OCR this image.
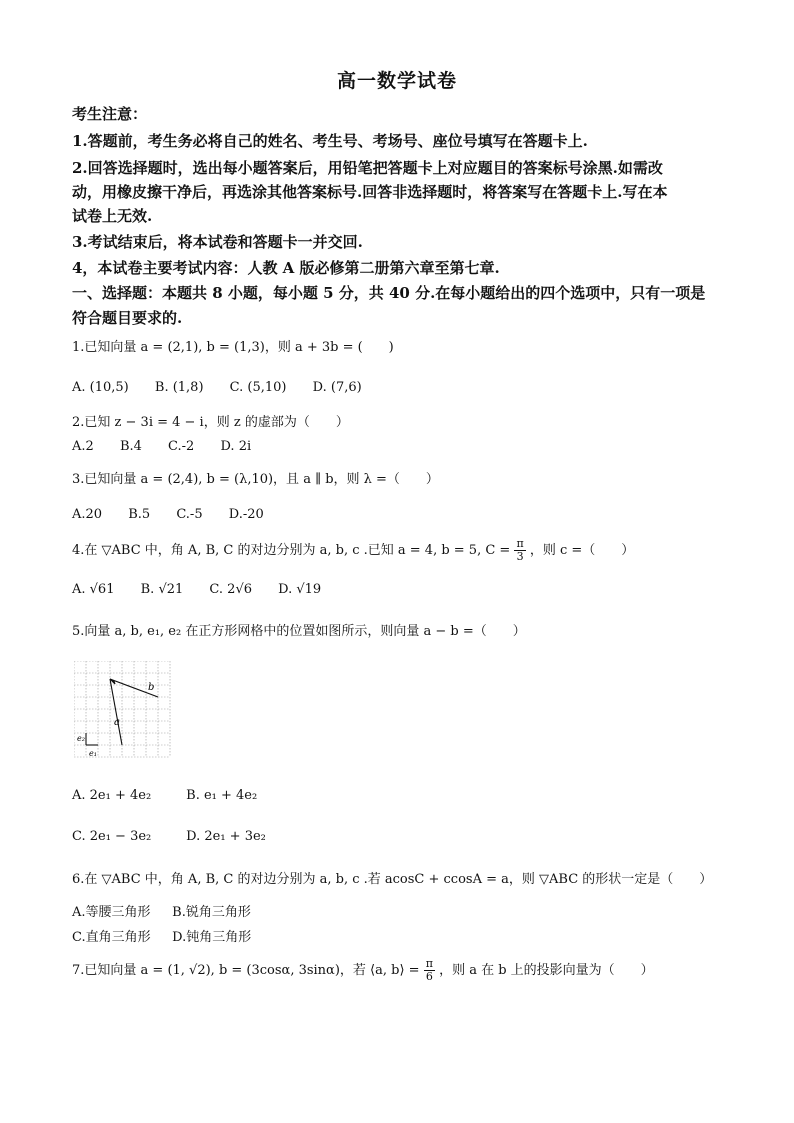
高一数学试卷
考生注意：
1.答题前，考生务必将自己的姓名、考生号、考场号、座位号填写在答题卡上.
2.回答选择题时，选出每小题答案后，用铅笔把答题卡上对应题目的答案标号涂黑.如需改
动，用橡皮擦干净后，再选涂其他答案标号.回答非选择题时，将答案写在答题卡上.写在本
试卷上无效.
3.考试结束后，将本试卷和答题卡一并交回.
4，本试卷主要考试内容：人教 A 版必修第二册第六章至第七章.
一、选择题：本题共 8 小题，每小题 5 分，共 40 分.在每小题给出的四个选项中，只有一项是
符合题目要求的.
1.已知向量 a = (2,1), b = (1,3)，则 a + 3b = (　　)
A. (10,5) B. (1,8) C. (5,10) D. (7,6)
2.已知 z − 3i = 4 − i，则 z 的虚部为（　　）
A.2 B.4 C.-2 D. 2i
3.已知向量 a = (2,4), b = (λ,10)，且 a ∥ b，则 λ =（　　）
A.20 B.5 C.-5 D.-20
4.在 ▽ABC 中，角 A, B, C 的对边分别为 a, b, c .已知 a = 4, b = 5, $C = \frac{\pi}{3}$ ，则 c =（　　）
A. √61 B. √21 C. 2√6 D. √19
5.向量 a, b, e₁, e₂ 在正方形网格中的位置如图所示，则向量 a − b =（　　）
b
a
e₂
e₁
A. 2e₁ + 4e₂	B. e₁ + 4e₂
C. 2e₁ − 3e₂	D. 2e₁ + 3e₂
6.在 ▽ABC 中，角 A, B, C 的对边分别为 a, b, c .若 acosC + ccosA = a，则 ▽ABC 的形状一定是（　　）
A.等腰三角形 B.锐角三角形
C.直角三角形 D.钝角三角形
7.已知向量 a = (1, √2), b = (3cosα, 3sinα)，若 ⟨a, b⟩ = $\frac{\pi}{6}$ ，则 a 在 b 上的投影向量为（　　）
